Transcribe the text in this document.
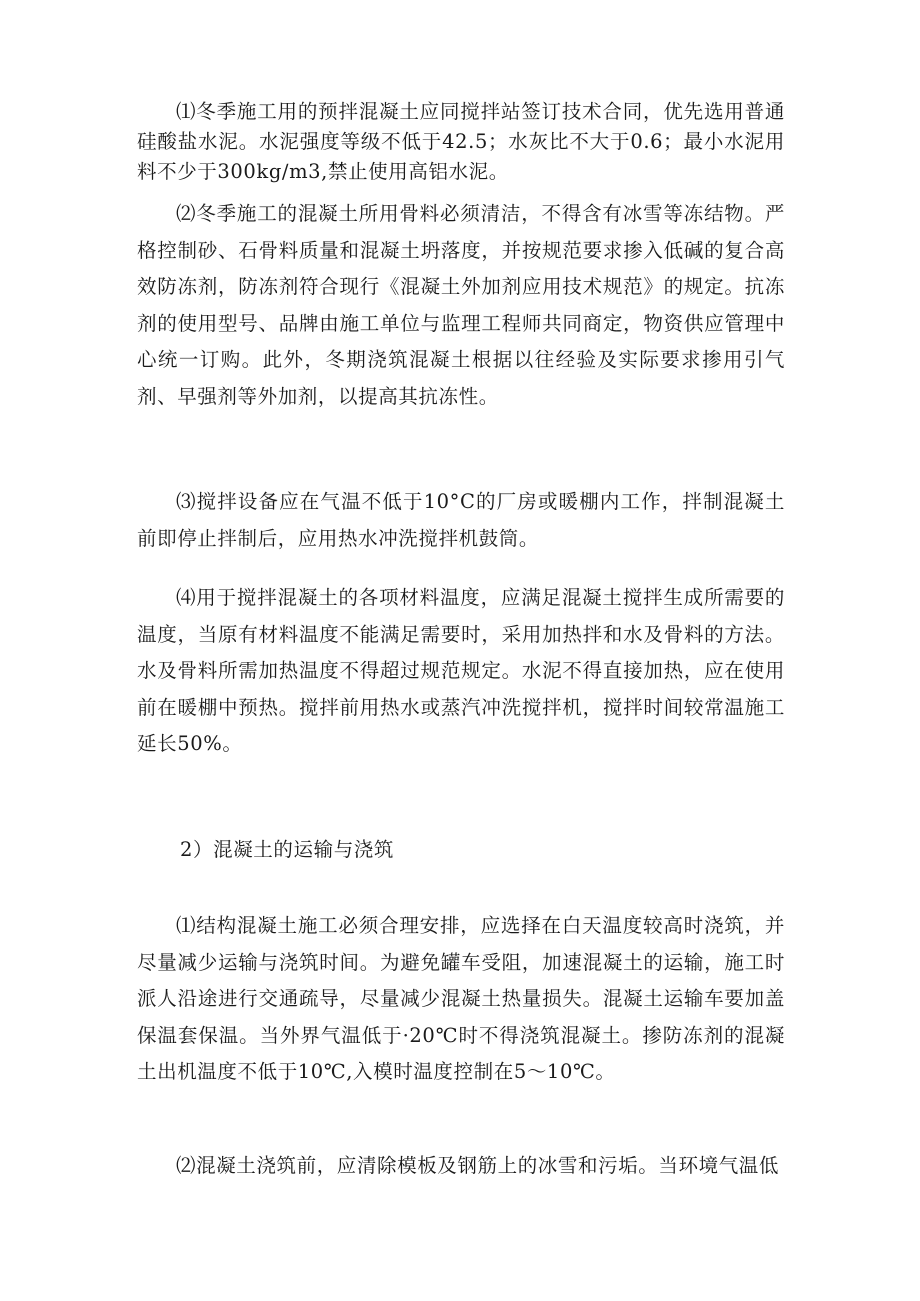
⑴冬季施工用的预拌混凝土应同搅拌站签订技术合同，优先选用普通硅酸盐水泥。水泥强度等级不低于42.5；水灰比不大于0.6；最小水泥用料不少于300kg∕m3,禁止使用高铝水泥。

⑵冬季施工的混凝土所用骨料必须清洁，不得含有冰雪等冻结物。严格控制砂、石骨料质量和混凝土坍落度，并按规范要求掺入低碱的复合高效防冻剂，防冻剂符合现行《混凝土外加剂应用技术规范》的规定。抗冻剂的使用型号、品牌由施工单位与监理工程师共同商定，物资供应管理中心统一订购。此外，冬期浇筑混凝土根据以往经验及实际要求掺用引气剂、早强剂等外加剂，以提高其抗冻性。

⑶搅拌设备应在气温不低于10°C的厂房或暖棚内工作，拌制混凝土前即停止拌制后，应用热水冲洗搅拌机鼓筒。

⑷用于搅拌混凝土的各项材料温度，应满足混凝土搅拌生成所需要的温度，当原有材料温度不能满足需要时，采用加热拌和水及骨料的方法。水及骨料所需加热温度不得超过规范规定。水泥不得直接加热，应在使用前在暖棚中预热。搅拌前用热水或蒸汽冲洗搅拌机，搅拌时间较常温施工延长50%。

2）混凝土的运输与浇筑

⑴结构混凝土施工必须合理安排，应选择在白天温度较高时浇筑，并尽量减少运输与浇筑时间。为避免罐车受阻，加速混凝土的运输，施工时派人沿途进行交通疏导，尽量减少混凝土热量损失。混凝土运输车要加盖保温套保温。当外界气温低于·20℃时不得浇筑混凝土。掺防冻剂的混凝土出机温度不低于10℃,入模时温度控制在5〜10℃。

⑵混凝土浇筑前，应清除模板及钢筋上的冰雪和污垢。当环境气温低
